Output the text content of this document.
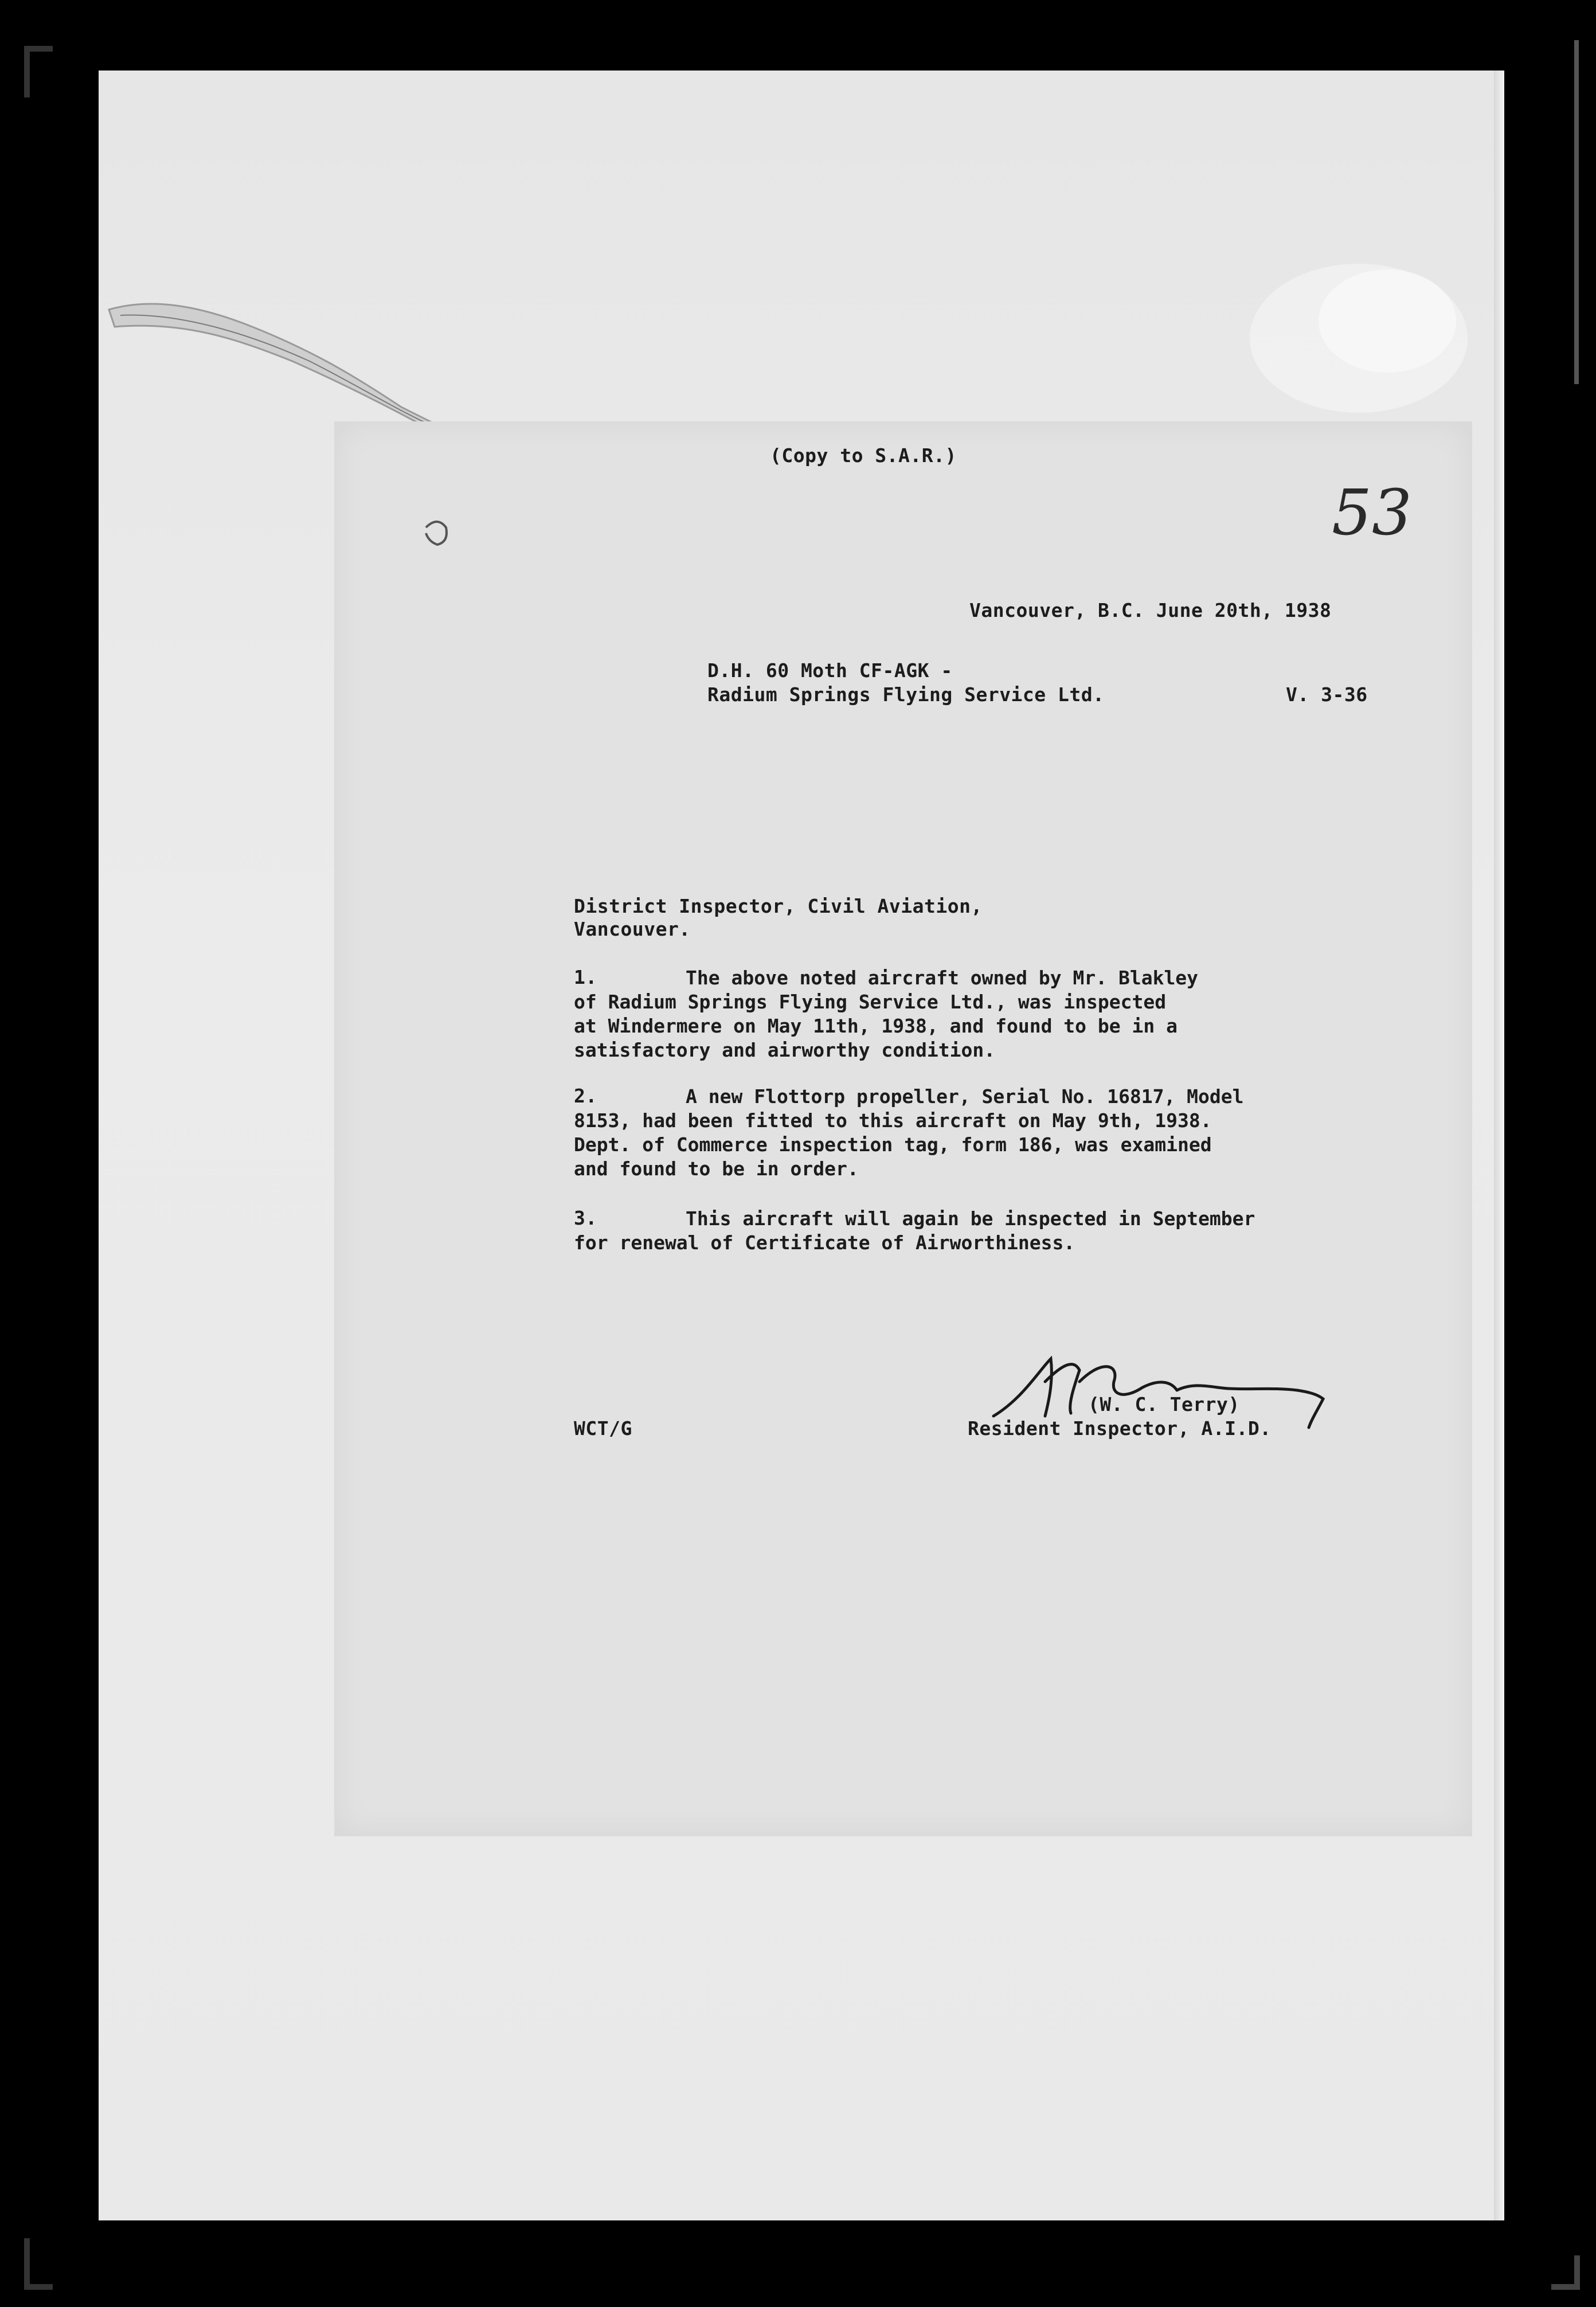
(Copy to S.A.R.)
53
Vancouver, B.C. June 20th, 1938
D.H. 60 Moth CF-AGK -
Radium Springs Flying Service Ltd.	V. 3-36
District Inspector, Civil Aviation,
Vancouver.
1.	The above noted aircraft owned by Mr. Blakley
of Radium Springs Flying Service Ltd., was inspected
at Windermere on May 11th, 1938, and found to be in a
satisfactory and airworthy condition.
2.	A new Flottorp propeller, Serial No. 16817, Model
8153, had been fitted to this aircraft on May 9th, 1938.
Dept. of Commerce inspection tag, form 186, was examined
and found to be in order.
3.	This aircraft will again be inspected in September
for renewal of Certificate of Airworthiness.
(W. C. Terry)
Resident Inspector, A.I.D.
WCT/G
